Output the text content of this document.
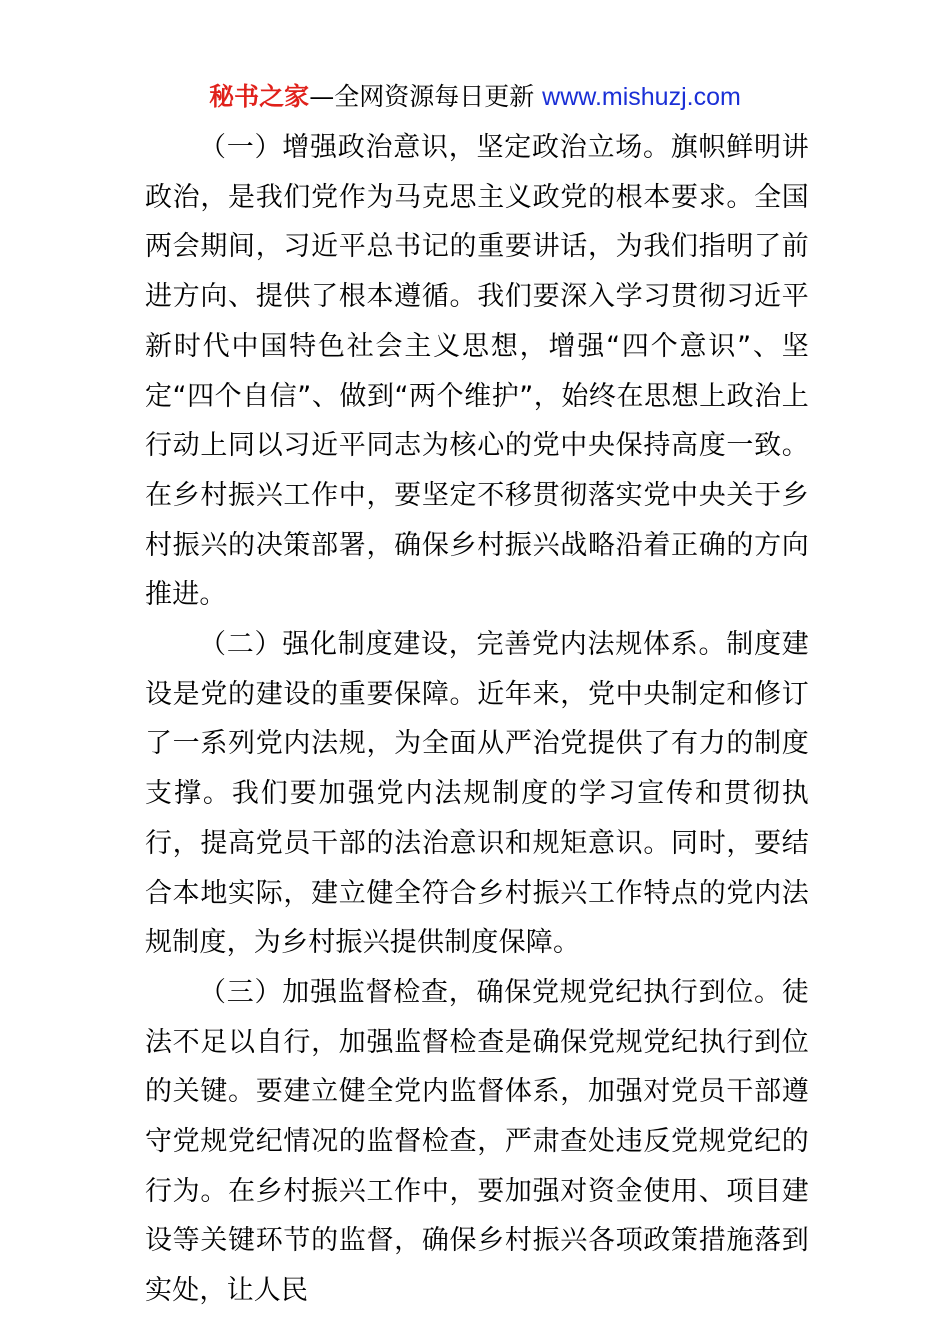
秘书之家—全网资源每日更新 www.mishuzj.com

（一）增强政治意识，坚定政治立场。旗帜鲜明讲政治，是我们党作为马克思主义政党的根本要求。全国两会期间，习近平总书记的重要讲话，为我们指明了前进方向、提供了根本遵循。我们要深入学习贯彻习近平新时代中国特色社会主义思想，增强“四个意识”、坚定“四个自信”、做到“两个维护”，始终在思想上政治上行动上同以习近平同志为核心的党中央保持高度一致。在乡村振兴工作中，要坚定不移贯彻落实党中央关于乡村振兴的决策部署，确保乡村振兴战略沿着正确的方向推进。

（二）强化制度建设，完善党内法规体系。制度建设是党的建设的重要保障。近年来，党中央制定和修订了一系列党内法规，为全面从严治党提供了有力的制度支撑。我们要加强党内法规制度的学习宣传和贯彻执行，提高党员干部的法治意识和规矩意识。同时，要结合本地实际，建立健全符合乡村振兴工作特点的党内法规制度，为乡村振兴提供制度保障。

（三）加强监督检查，确保党规党纪执行到位。徒法不足以自行，加强监督检查是确保党规党纪执行到位的关键。要建立健全党内监督体系，加强对党员干部遵守党规党纪情况的监督检查，严肃查处违反党规党纪的行为。在乡村振兴工作中，要加强对资金使用、项目建设等关键环节的监督，确保乡村振兴各项政策措施落到实处，让人民
